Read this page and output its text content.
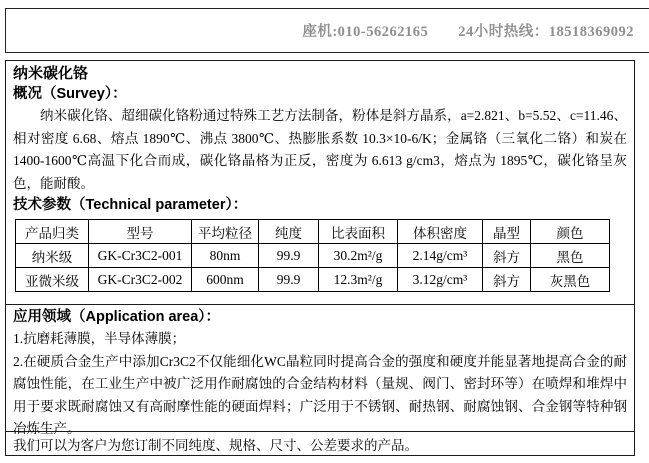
座机:010-56262165 24小时热线：18518369092
纳米碳化铬
概况（Survey）：

纳米碳化铬、超细碳化铬粉通过特殊工艺方法制备，粉体是斜方晶系，a=2.821、b=5.52、c=11.46、相对密度 6.68、熔点 1890℃、沸点 3800℃、热膨胀系数 10.3×10-6/K；金属铬（三氧化二铬）和炭在1400-1600℃高温下化合而成，碳化铬晶格为正反，密度为 6.613 g/cm3，熔点为 1895℃，碳化铬呈灰色，能耐酸。

技术参数（Technical parameter）：
产品归类	型号	平均粒径	纯度	比表面积	体积密度	晶型	颜色
纳米级	GK-Cr3C2-001	80nm	99.9	30.2m²/g	2.14g/cm³	斜方	黑色
亚微米级	GK-Cr3C2-002	600nm	99.9	12.3m²/g	3.12g/cm³	斜方	灰黑色
应用领域（Application area）：

1.抗磨耗薄膜，半导体薄膜；

2.在硬质合金生产中添加Cr3C2不仅能细化WC晶粒同时提高合金的强度和硬度并能显著地提高合金的耐腐蚀性能，在工业生产中被广泛用作耐腐蚀的合金结构材料（量规、阀门、密封环等）在喷焊和堆焊中用于要求既耐腐蚀又有高耐摩性能的硬面焊料；广泛用于不锈钢、耐热钢、耐腐蚀钢、合金钢等特种钢冶炼生产。

我们可以为客户为您订制不同纯度、规格、尺寸、公差要求的产品。
